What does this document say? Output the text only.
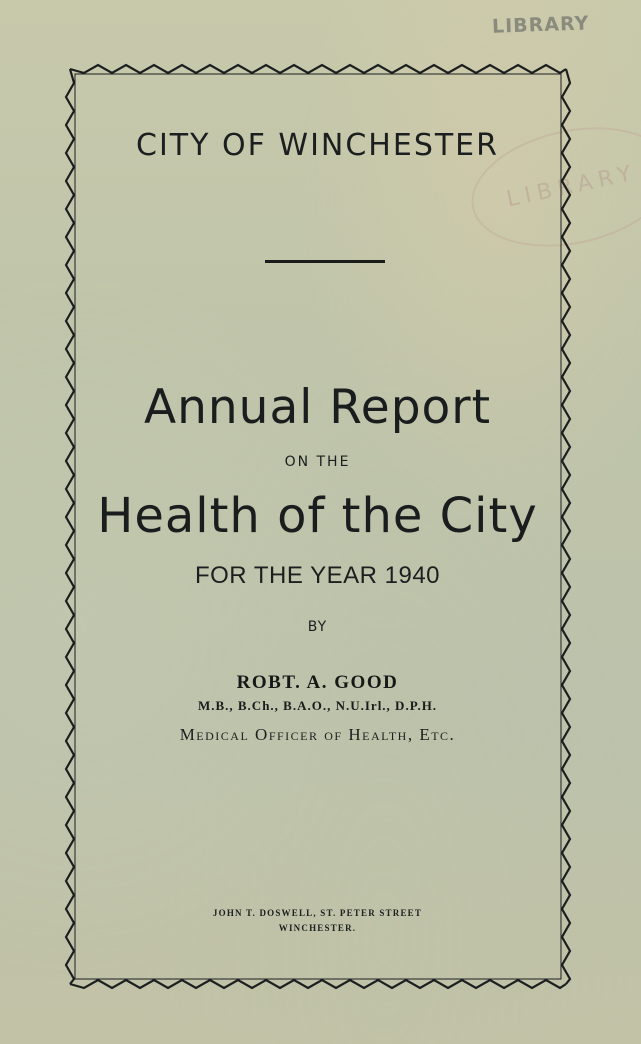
LIBRARY
LIBRARY
CITY OF WINCHESTER
Annual Report
ON THE
Health of the City
FOR THE YEAR 1940
BY
ROBT. A. GOOD
M.B., B.Ch., B.A.O., N.U.Irl., D.P.H.
Medical Officer of Health, Etc.
JOHN T. DOSWELL, ST. PETER STREET
WINCHESTER.
